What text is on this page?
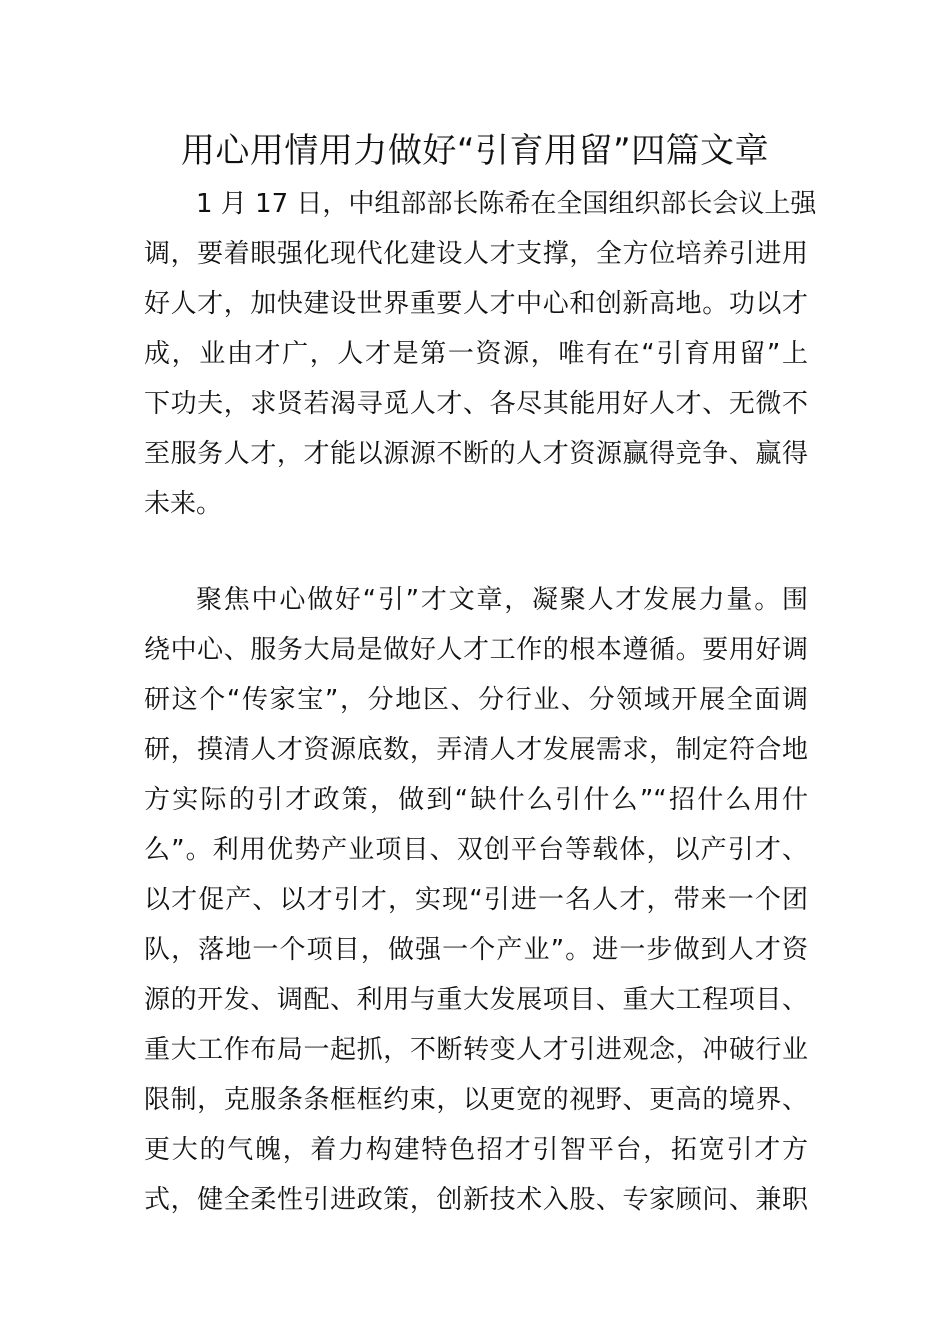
用心用情用力做好“引育用留”四篇文章
1 月 17 日，中组部部长陈希在全国组织部长会议上强
调，要着眼强化现代化建设人才支撑，全方位培养引进用
好人才，加快建设世界重要人才中心和创新高地。功以才
成，业由才广，人才是第一资源，唯有在“引育用留”上
下功夫，求贤若渴寻觅人才、各尽其能用好人才、无微不
至服务人才，才能以源源不断的人才资源赢得竞争、赢得
未来。
聚焦中心做好“引”才文章，凝聚人才发展力量。围
绕中心、服务大局是做好人才工作的根本遵循。要用好调
研这个“传家宝”，分地区、分行业、分领域开展全面调
研，摸清人才资源底数，弄清人才发展需求，制定符合地
方实际的引才政策，做到“缺什么引什么”“招什么用什
么”。利用优势产业项目、双创平台等载体，以产引才、
以才促产、以才引才，实现“引进一名人才，带来一个团
队，落地一个项目，做强一个产业”。进一步做到人才资
源的开发、调配、利用与重大发展项目、重大工程项目、
重大工作布局一起抓，不断转变人才引进观念，冲破行业
限制，克服条条框框约束，以更宽的视野、更高的境界、
更大的气魄，着力构建特色招才引智平台，拓宽引才方
式，健全柔性引进政策，创新技术入股、专家顾问、兼职
